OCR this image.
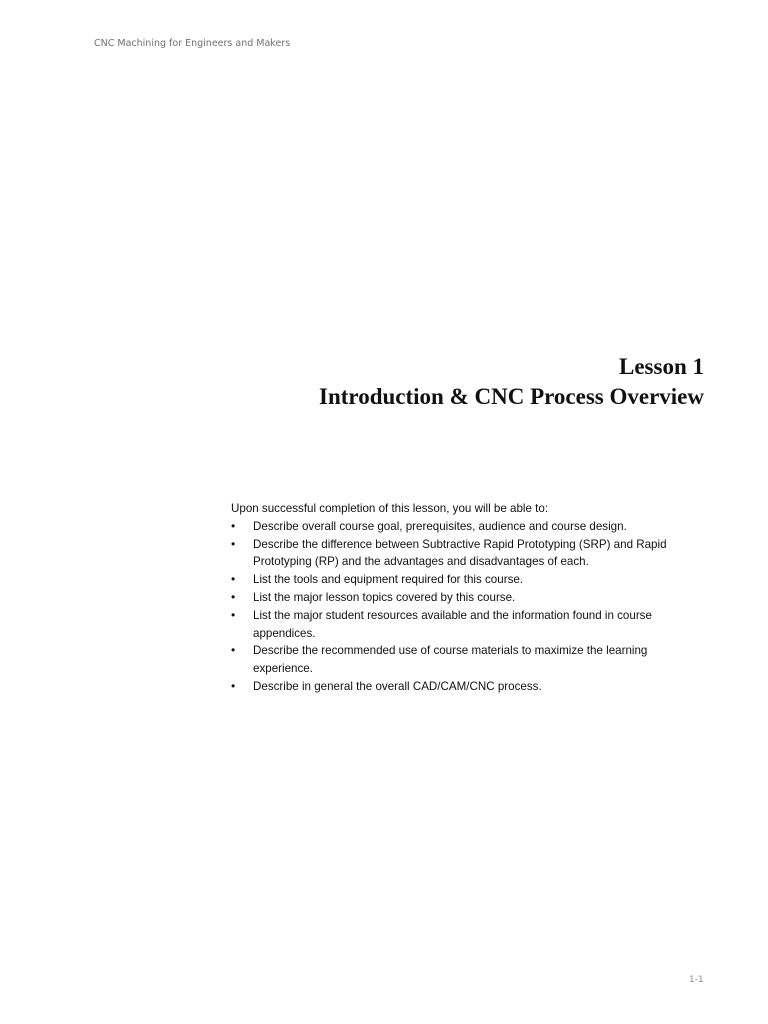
CNC Machining for Engineers and Makers
Lesson 1
Introduction & CNC Process Overview

Upon successful completion of this lesson, you will be able to:

• Describe overall course goal, prerequisites, audience and course design.
• Describe the difference between Subtractive Rapid Prototyping (SRP) and Rapid
Prototyping (RP) and the advantages and disadvantages of each.
• List the tools and equipment required for this course.
• List the major lesson topics covered by this course.
• List the major student resources available and the information found in course
appendices.
• Describe the recommended use of course materials to maximize the learning
experience.
• Describe in general the overall CAD/CAM/CNC process.
1-1
